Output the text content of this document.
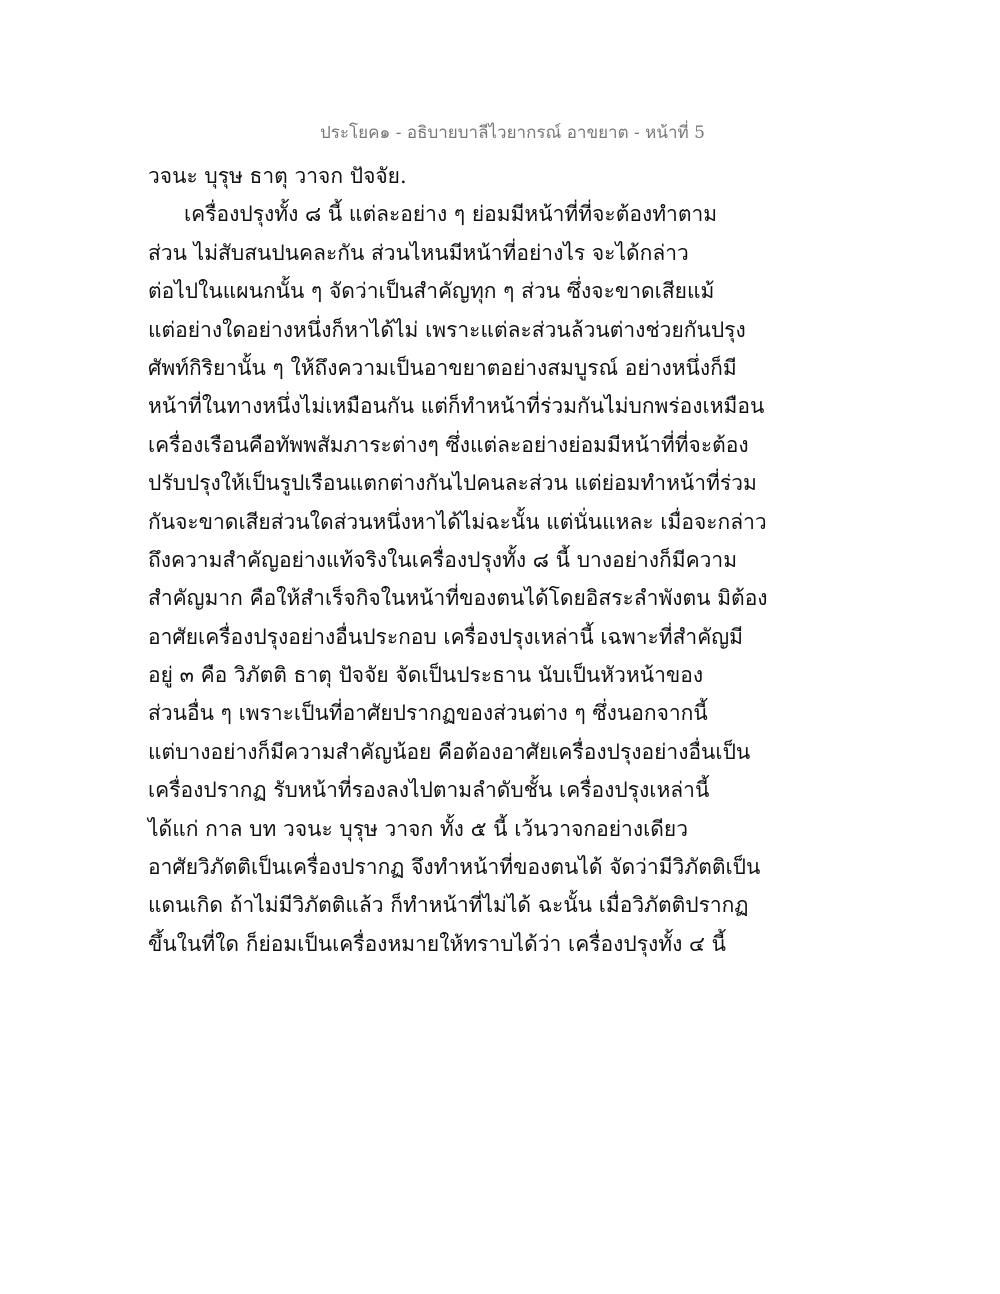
ประโยค๑ - อธิบายบาลีไวยากรณ์ อาขยาต - หน้าที่ 5
วจนะ บุรุษ ธาตุ วาจก ปัจจัย.
เครื่องปรุงทั้ง ๘ นี้ แต่ละอย่าง ๆ ย่อมมีหน้าที่ที่จะต้องทำตาม
ส่วน ไม่สับสนปนคละกัน ส่วนไหนมีหน้าที่อย่างไร จะได้กล่าว
ต่อไปในแผนกนั้น ๆ จัดว่าเป็นสำคัญทุก ๆ ส่วน ซึ่งจะขาดเสียแม้
แต่อย่างใดอย่างหนึ่งก็หาได้ไม่ เพราะแต่ละส่วนล้วนต่างช่วยกันปรุง
ศัพท์กิริยานั้น ๆ ให้ถึงความเป็นอาขยาตอย่างสมบูรณ์ อย่างหนึ่งก็มี
หน้าที่ในทางหนึ่งไม่เหมือนกัน แต่ก็ทำหน้าที่ร่วมกันไม่บกพร่องเหมือน
เครื่องเรือนคือทัพพสัมภาระต่างๆ ซึ่งแต่ละอย่างย่อมมีหน้าที่ที่จะต้อง
ปรับปรุงให้เป็นรูปเรือนแตกต่างกันไปคนละส่วน แต่ย่อมทำหน้าที่ร่วม
กันจะขาดเสียส่วนใดส่วนหนึ่งหาได้ไม่ฉะนั้น แต่นั่นแหละ เมื่อจะกล่าว
ถึงความสำคัญอย่างแท้จริงในเครื่องปรุงทั้ง ๘ นี้ บางอย่างก็มีความ
สำคัญมาก คือให้สำเร็จกิจในหน้าที่ของตนได้โดยอิสระลำพังตน มิต้อง
อาศัยเครื่องปรุงอย่างอื่นประกอบ เครื่องปรุงเหล่านี้ เฉพาะที่สำคัญมี
อยู่ ๓ คือ วิภัตติ ธาตุ ปัจจัย จัดเป็นประธาน นับเป็นหัวหน้าของ
ส่วนอื่น ๆ เพราะเป็นที่อาศัยปรากฏของส่วนต่าง ๆ ซึ่งนอกจากนี้
แต่บางอย่างก็มีความสำคัญน้อย คือต้องอาศัยเครื่องปรุงอย่างอื่นเป็น
เครื่องปรากฏ รับหน้าที่รองลงไปตามลำดับชั้น เครื่องปรุงเหล่านี้
ได้แก่ กาล บท วจนะ บุรุษ วาจก ทั้ง ๕ นี้ เว้นวาจกอย่างเดียว
อาศัยวิภัตติเป็นเครื่องปรากฏ จึงทำหน้าที่ของตนได้ จัดว่ามีวิภัตติเป็น
แดนเกิด ถ้าไม่มีวิภัตติแล้ว ก็ทำหน้าที่ไม่ได้ ฉะนั้น เมื่อวิภัตติปรากฏ
ขึ้นในที่ใด ก็ย่อมเป็นเครื่องหมายให้ทราบได้ว่า เครื่องปรุงทั้ง ๔ นี้
